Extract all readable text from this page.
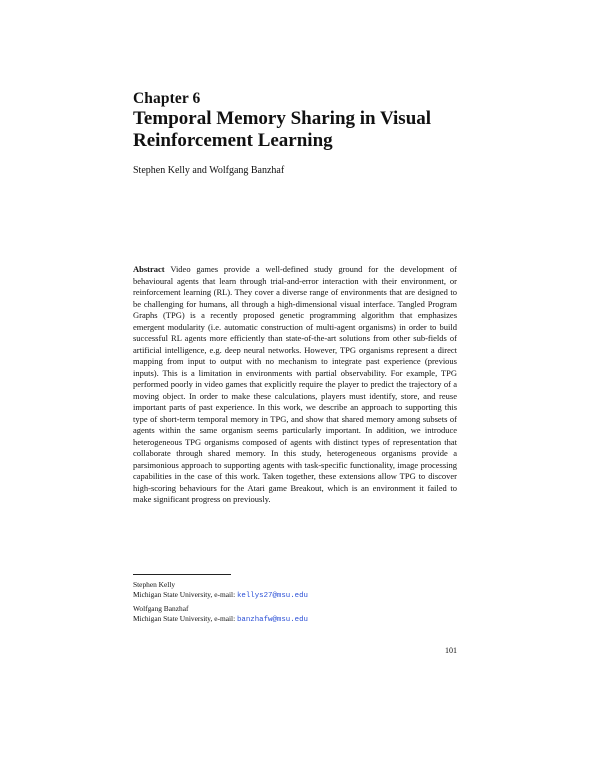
Chapter 6
Temporal Memory Sharing in Visual Reinforcement Learning
Stephen Kelly and Wolfgang Banzhaf
Abstract Video games provide a well-defined study ground for the development of behavioural agents that learn through trial-and-error interaction with their environment, or reinforcement learning (RL). They cover a diverse range of environments that are designed to be challenging for humans, all through a high-dimensional visual interface. Tangled Program Graphs (TPG) is a recently proposed genetic programming algorithm that emphasizes emergent modularity (i.e. automatic construction of multi-agent organisms) in order to build successful RL agents more efficiently than state-of-the-art solutions from other sub-fields of artificial intelligence, e.g. deep neural networks. However, TPG organisms represent a direct mapping from input to output with no mechanism to integrate past experience (previous inputs). This is a limitation in environments with partial observability. For example, TPG performed poorly in video games that explicitly require the player to predict the trajectory of a moving object. In order to make these calculations, players must identify, store, and reuse important parts of past experience. In this work, we describe an approach to supporting this type of short-term temporal memory in TPG, and show that shared memory among subsets of agents within the same organism seems particularly important. In addition, we introduce heterogeneous TPG organisms composed of agents with distinct types of representation that collaborate through shared memory. In this study, heterogeneous organisms provide a parsimonious approach to supporting agents with task-specific functionality, image processing capabilities in the case of this work. Taken together, these extensions allow TPG to discover high-scoring behaviours for the Atari game Breakout, which is an environment it failed to make significant progress on previously.
Stephen Kelly
Michigan State University, e-mail: kellys27@msu.edu
Wolfgang Banzhaf
Michigan State University, e-mail: banzhafw@msu.edu
101
